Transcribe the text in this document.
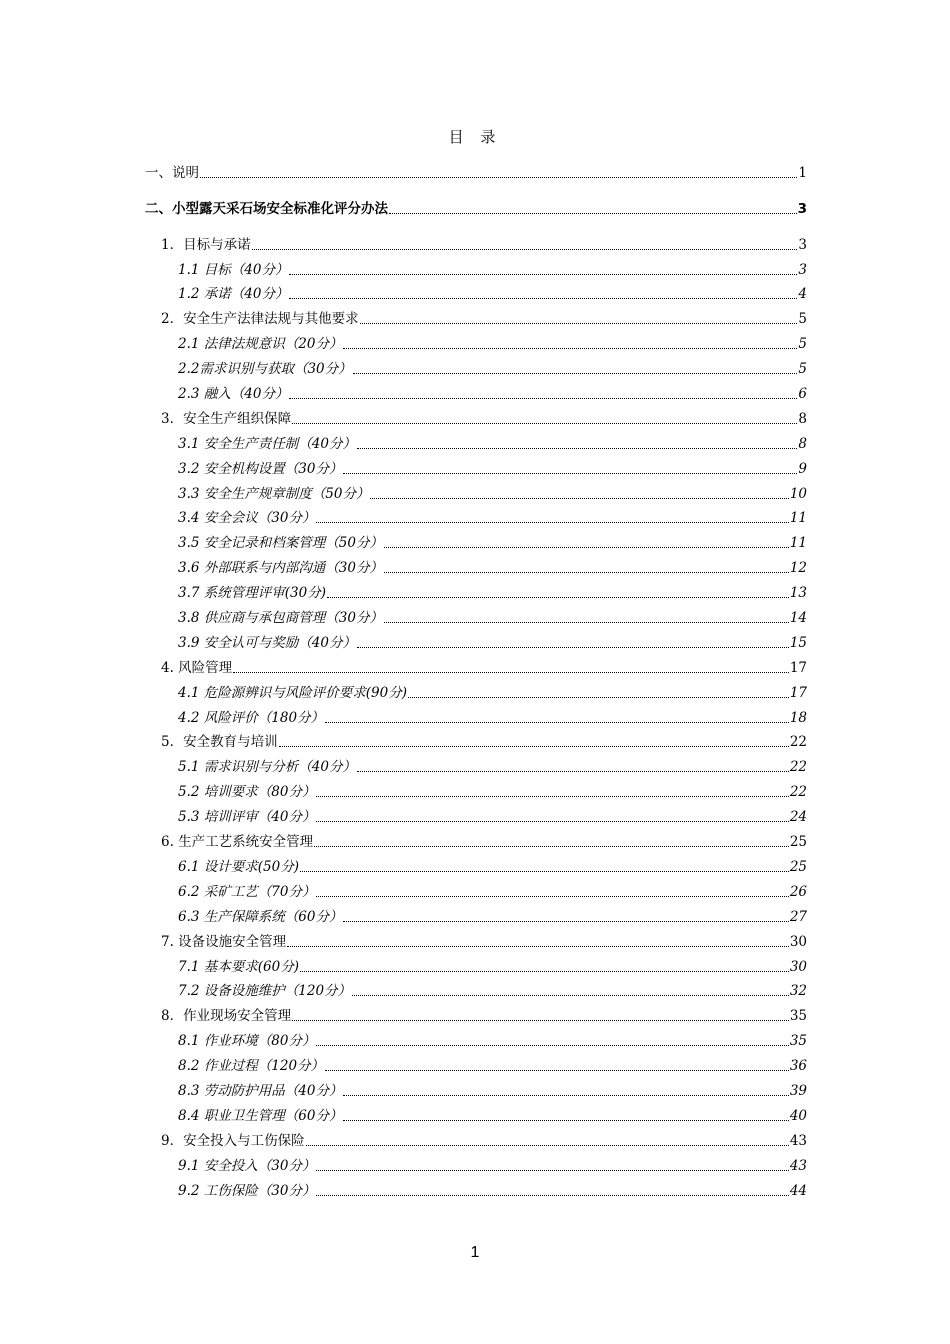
目 录
一、说明	1
二、小型露天采石场安全标准化评分办法	3
1．目标与承诺	3
1.1 目标（40分）	3
1.2 承诺（40分）	4
2．安全生产法律法规与其他要求	5
2.1 法律法规意识（20分）	5
2.2需求识别与获取（30分）	5
2.3 融入（40分）	6
3．安全生产组织保障	8
3.1 安全生产责任制（40分）	8
3.2 安全机构设置（30分）	9
3.3 安全生产规章制度（50分）	10
3.4 安全会议（30分）	11
3.5 安全记录和档案管理（50分）	11
3.6 外部联系与内部沟通（30分）	12
3.7 系统管理评审(30分)	13
3.8 供应商与承包商管理（30分）	14
3.9 安全认可与奖励（40分）	15
4. 风险管理	17
4.1 危险源辨识与风险评价要求(90分)	17
4.2 风险评价（180分）	18
5．安全教育与培训	22
5.1 需求识别与分析（40分）	22
5.2 培训要求（80分）	22
5.3 培训评审（40分）	24
6. 生产工艺系统安全管理	25
6.1 设计要求(50分)	25
6.2 采矿工艺（70分）	26
6.3 生产保障系统（60分）	27
7. 设备设施安全管理	30
7.1 基本要求(60分)	30
7.2 设备设施维护（120分）	32
8．作业现场安全管理	35
8.1 作业环境（80分）	35
8.2 作业过程（120分）	36
8.3 劳动防护用品（40分）	39
8.4 职业卫生管理（60分）	40
9．安全投入与工伤保险	43
9.1 安全投入（30分）	43
9.2 工伤保险（30分）	44
1
